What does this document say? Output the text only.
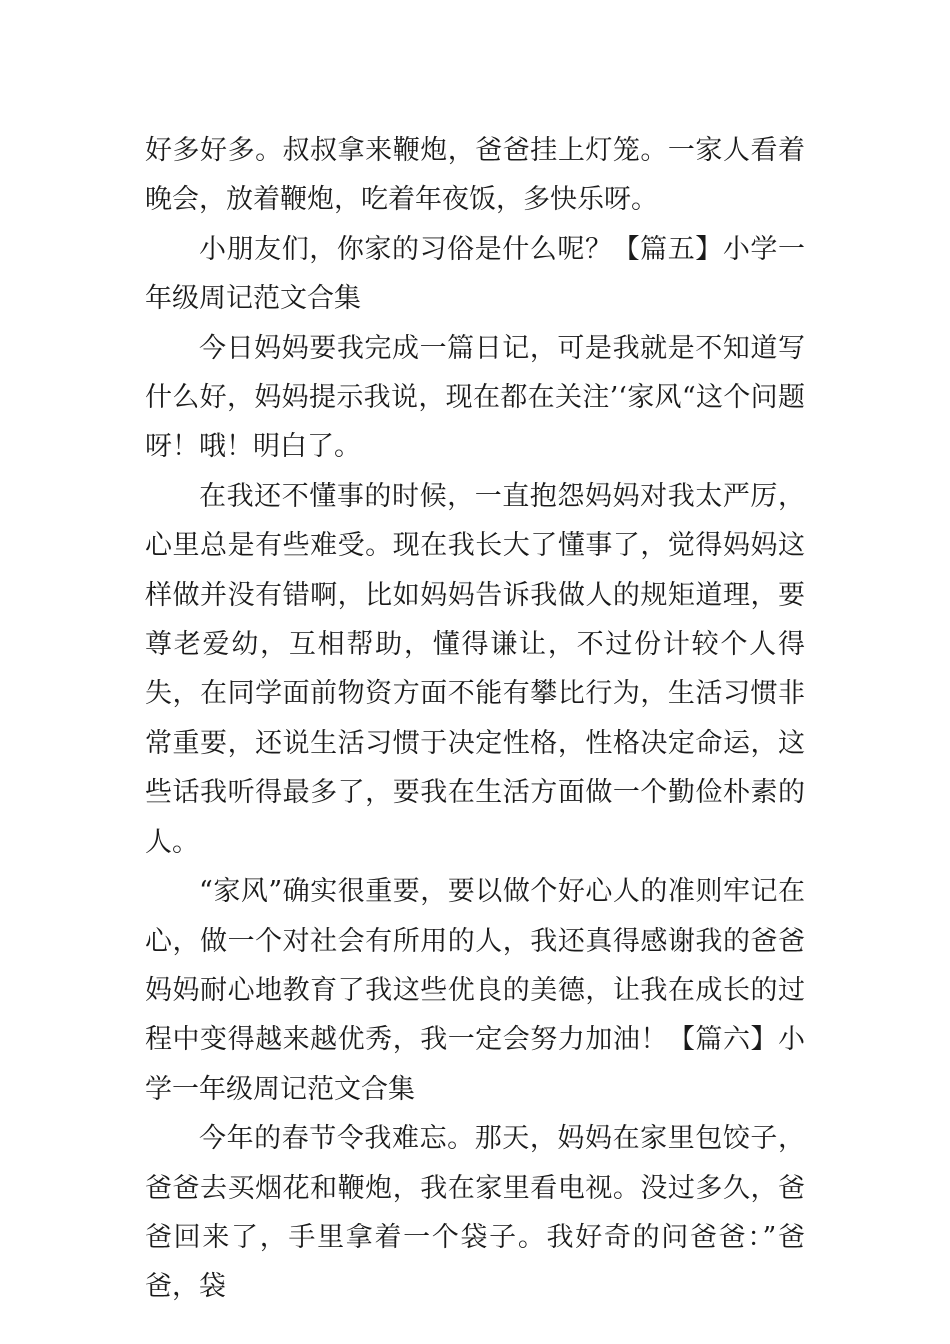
好多好多。叔叔拿来鞭炮，爸爸挂上灯笼。一家人看着晚会，放着鞭炮，吃着年夜饭，多快乐呀。

小朋友们，你家的习俗是什么呢？【篇五】小学一年级周记范文合集

今日妈妈要我完成一篇日记，可是我就是不知道写什么好，妈妈提示我说，现在都在关注’‘家风“这个问题呀！哦！明白了。

在我还不懂事的时候，一直抱怨妈妈对我太严厉，心里总是有些难受。现在我长大了懂事了，觉得妈妈这样做并没有错啊，比如妈妈告诉我做人的规矩道理，要尊老爱幼，互相帮助，懂得谦让，不过份计较个人得失，在同学面前物资方面不能有攀比行为，生活习惯非常重要，还说生活习惯于决定性格，性格决定命运，这些话我听得最多了，要我在生活方面做一个勤俭朴素的人。

“家风”确实很重要，要以做个好心人的准则牢记在心，做一个对社会有所用的人，我还真得感谢我的爸爸妈妈耐心地教育了我这些优良的美德，让我在成长的过程中变得越来越优秀，我一定会努力加油！【篇六】小学一年级周记范文合集

今年的春节令我难忘。那天，妈妈在家里包饺子，爸爸去买烟花和鞭炮，我在家里看电视。没过多久，爸爸回来了，手里拿着一个袋子。我好奇的问爸爸：”爸爸，袋
